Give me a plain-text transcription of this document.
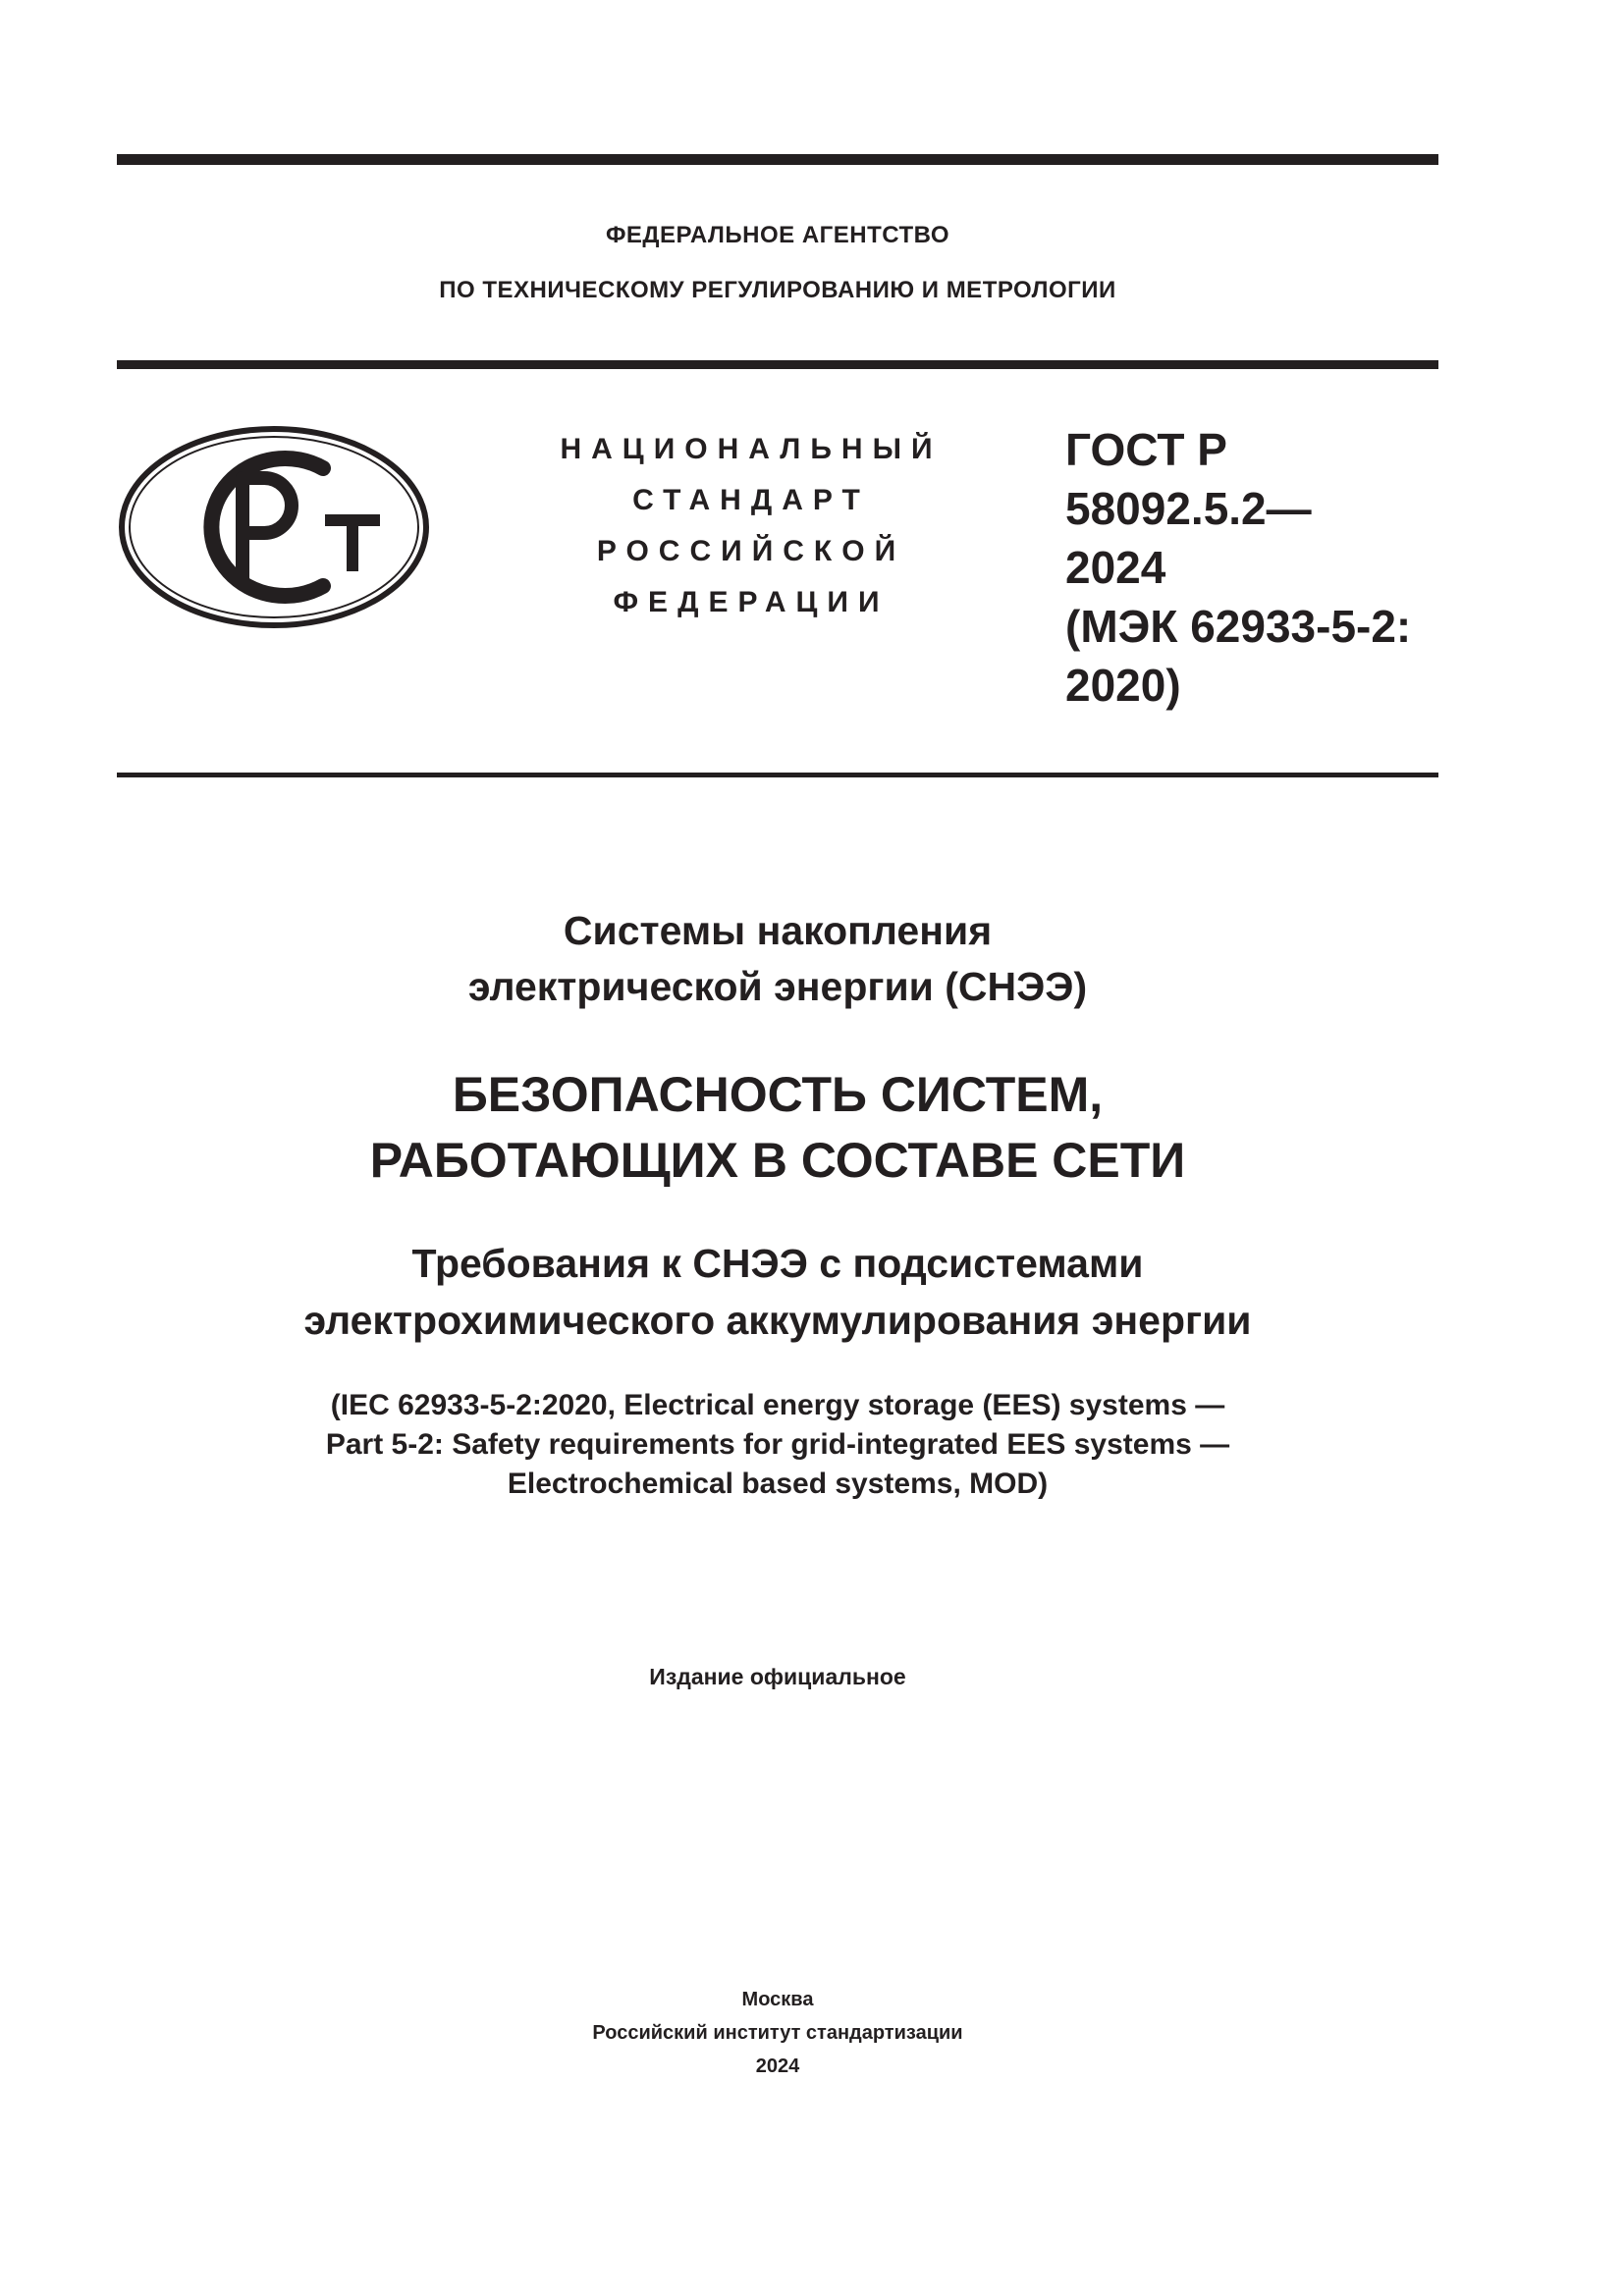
ФЕДЕРАЛЬНОЕ АГЕНТСТВО
ПО ТЕХНИЧЕСКОМУ РЕГУЛИРОВАНИЮ И МЕТРОЛОГИИ
НАЦИОНАЛЬНЫЙ
СТАНДАРТ
РОССИЙСКОЙ
ФЕДЕРАЦИИ
ГОСТ Р
58092.5.2—
2024
(МЭК 62933-5-2:
2020)
Системы накопления
электрической энергии (СНЭЭ)
БЕЗОПАСНОСТЬ СИСТЕМ,
РАБОТАЮЩИХ В СОСТАВЕ СЕТИ
Требования к СНЭЭ с подсистемами
электрохимического аккумулирования энергии
(IEC 62933-5-2:2020, Electrical energy storage (EES) systems —
Part 5-2: Safety requirements for grid-integrated EES systems —
Electrochemical based systems, MOD)
Издание официальное
Москва
Российский институт стандартизации
2024
